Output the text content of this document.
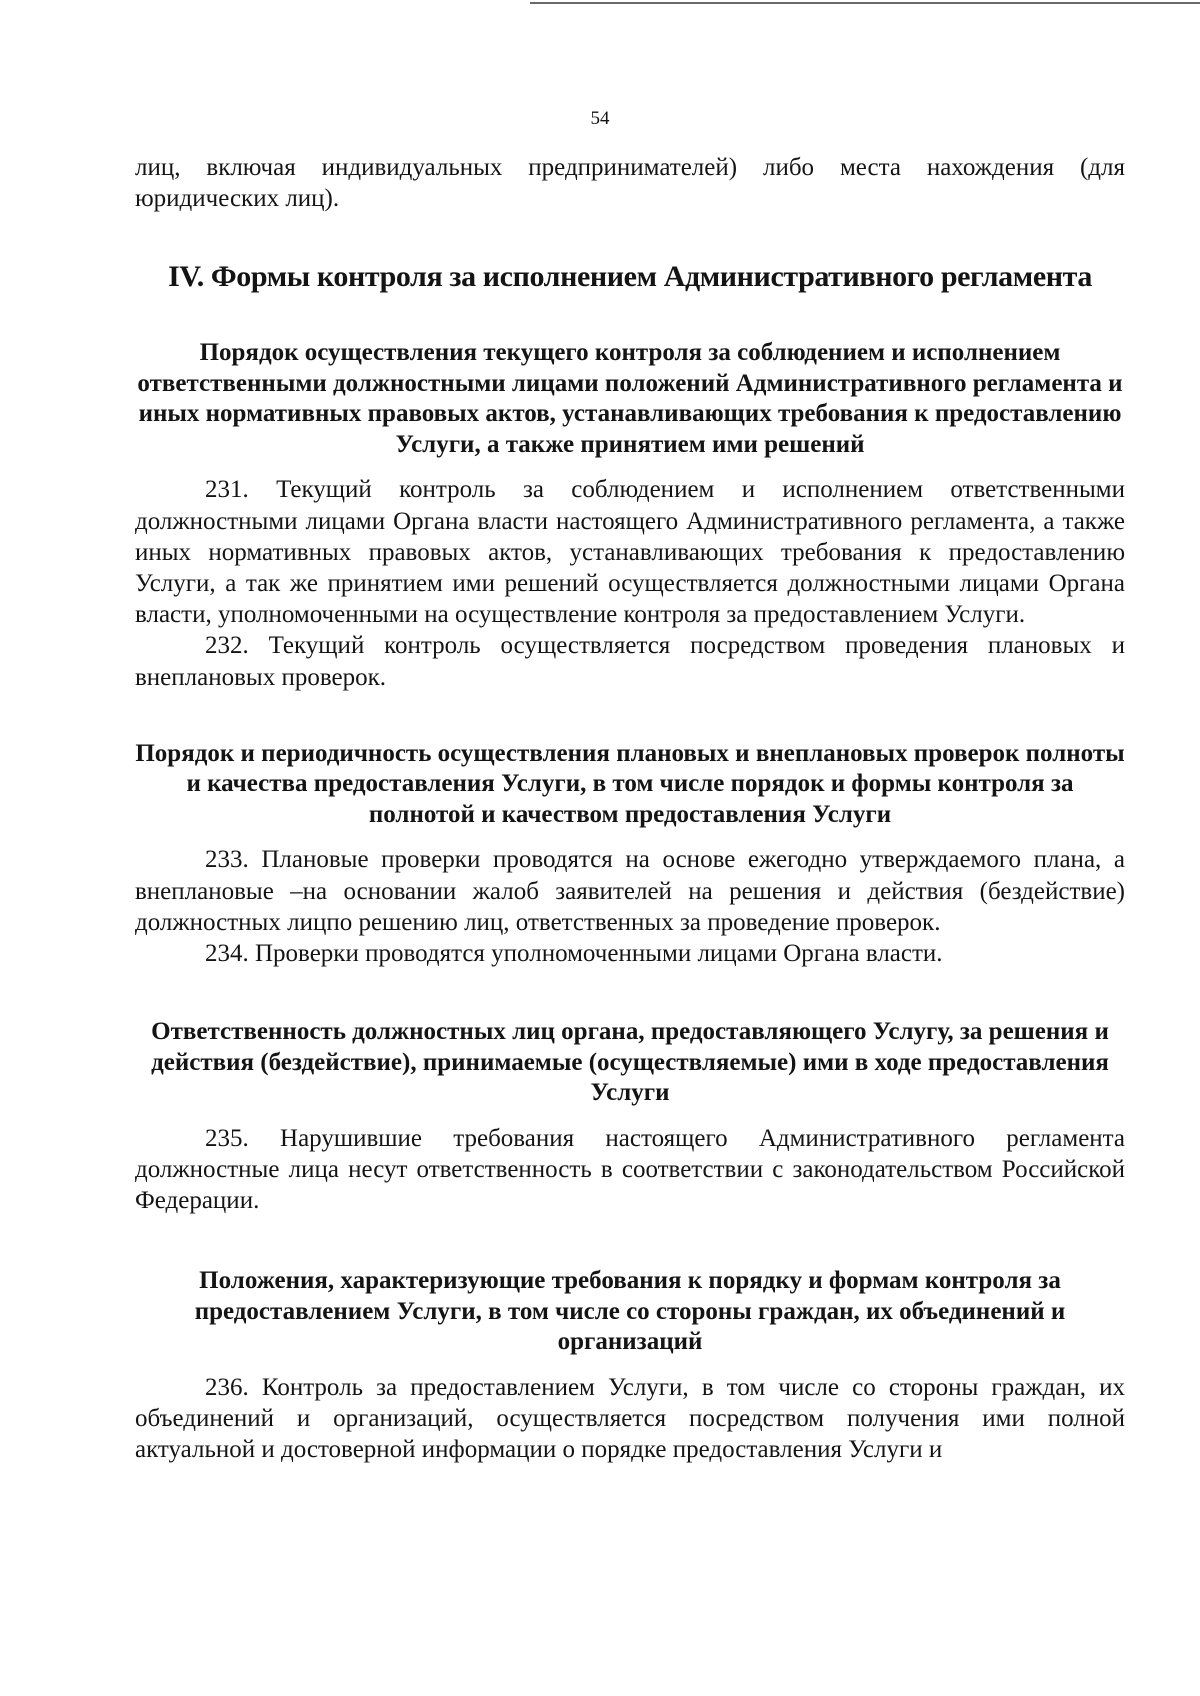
54

лиц, включая индивидуальных предпринимателей) либо места нахождения (для юридических лиц).

IV. Формы контроля за исполнением Административного регламента
Порядок осуществления текущего контроля за соблюдением и исполнением ответственными должностными лицами положений Административного регламента и иных нормативных правовых актов, устанавливающих требования к предоставлению Услуги, а также принятием ими решений

231. Текущий контроль за соблюдением и исполнением ответственными должностными лицами Органа власти настоящего Административного регламента, а также иных нормативных правовых актов, устанавливающих требования к предоставлению Услуги, а так же принятием ими решений осуществляется должностными лицами Органа власти, уполномоченными на осуществление контроля за предоставлением Услуги.

232. Текущий контроль осуществляется посредством проведения плановых и внеплановых проверок.

Порядок и периодичность осуществления плановых и внеплановых проверок полноты и качества предоставления Услуги, в том числе порядок и формы контроля за полнотой и качеством предоставления Услуги

233. Плановые проверки проводятся на основе ежегодно утверждаемого плана, а внеплановые –на основании жалоб заявителей на решения и действия (бездействие) должностных лицпо решению лиц, ответственных за проведение проверок.

234. Проверки проводятся уполномоченными лицами Органа власти.

Ответственность должностных лиц органа, предоставляющего Услугу, за решения и действия (бездействие), принимаемые (осуществляемые) ими в ходе предоставления Услуги

235. Нарушившие требования настоящего Административного регламента должностные лица несут ответственность в соответствии с законодательством Российской Федерации.

Положения, характеризующие требования к порядку и формам контроля за предоставлением Услуги, в том числе со стороны граждан, их объединений и организаций

236. Контроль за предоставлением Услуги, в том числе со стороны граждан, их объединений и организаций, осуществляется посредством получения ими полной актуальной и достоверной информации о порядке предоставления Услуги и
